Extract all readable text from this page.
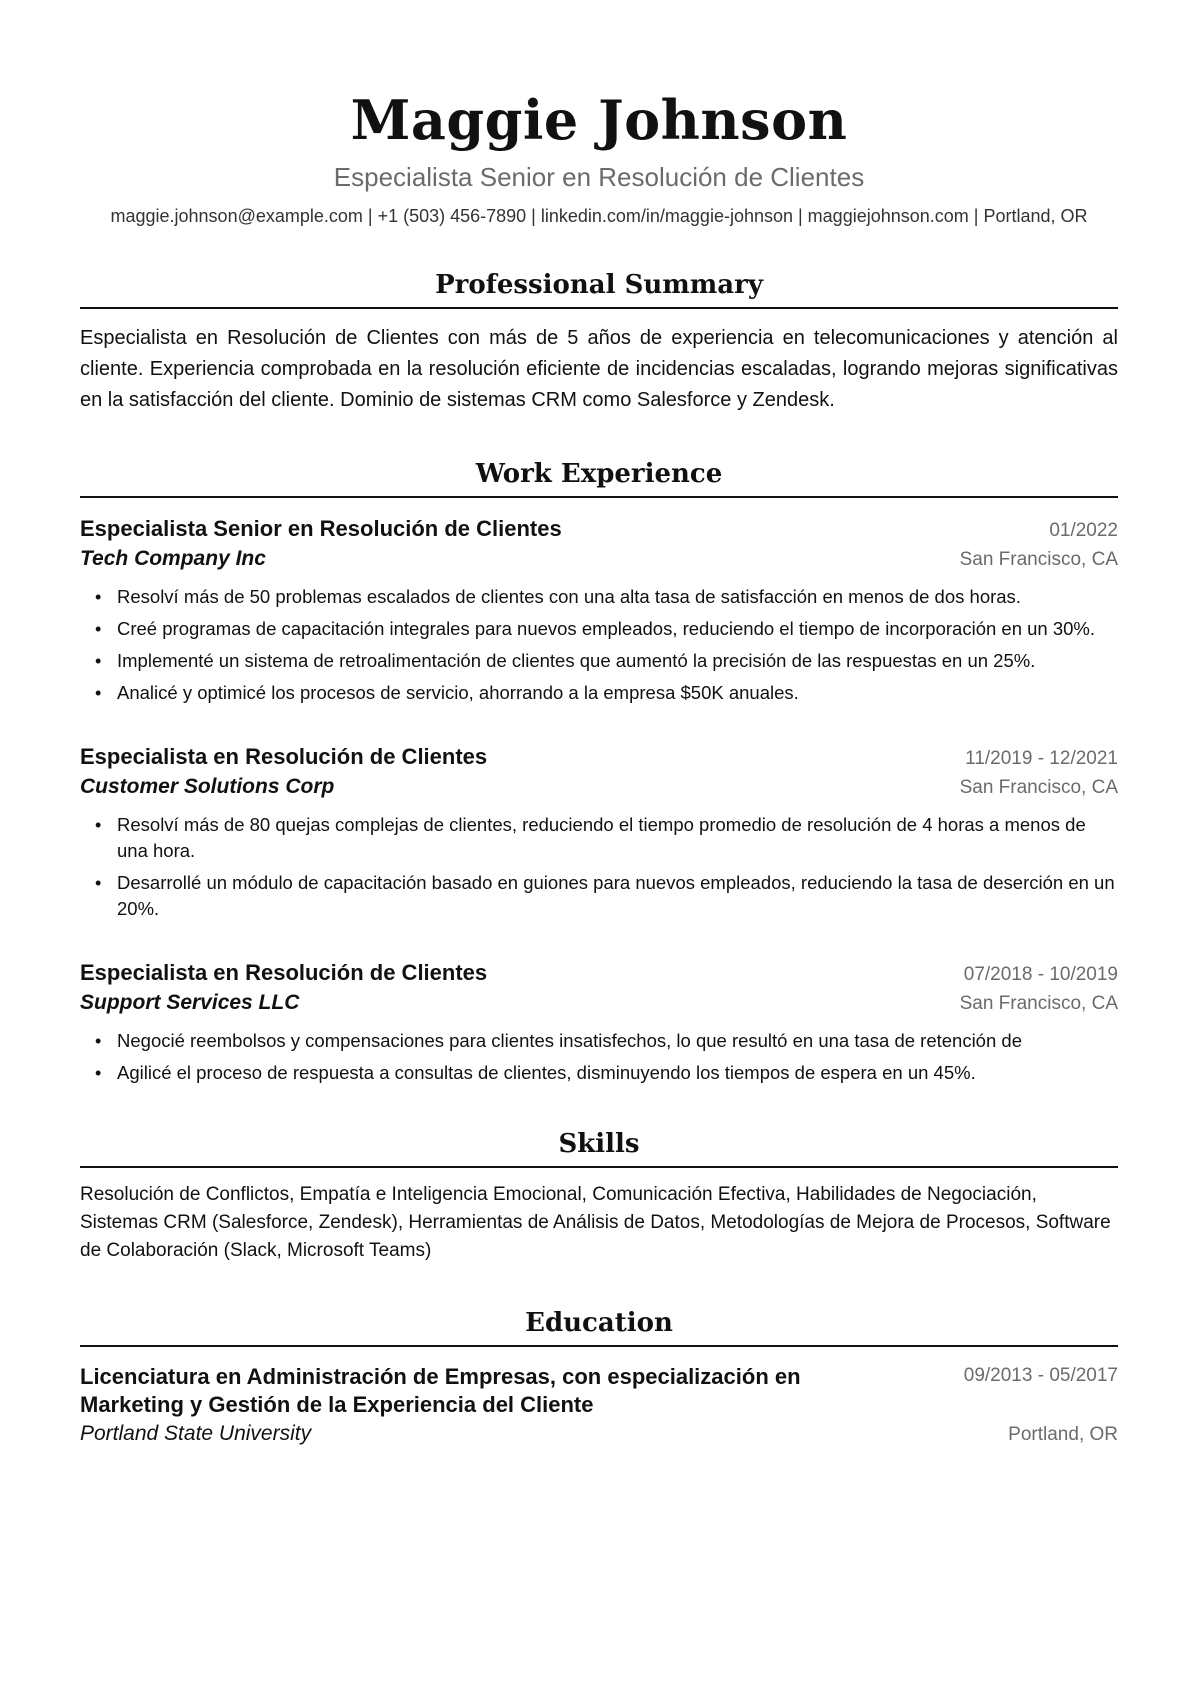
Maggie Johnson
Especialista Senior en Resolución de Clientes
maggie.johnson@example.com | +1 (503) 456-7890 | linkedin.com/in/maggie-johnson | maggiejohnson.com | Portland, OR
Professional Summary
Especialista en Resolución de Clientes con más de 5 años de experiencia en telecomunicaciones y atención al cliente. Experiencia comprobada en la resolución eficiente de incidencias escaladas, logrando mejoras significativas en la satisfacción del cliente. Dominio de sistemas CRM como Salesforce y Zendesk.
Work Experience
Especialista Senior en Resolución de Clientes	01/2022
Tech Company Inc	San Francisco, CA
• Resolví más de 50 problemas escalados de clientes con una alta tasa de satisfacción en menos de dos horas.
• Creé programas de capacitación integrales para nuevos empleados, reduciendo el tiempo de incorporación en un 30%.
• Implementé un sistema de retroalimentación de clientes que aumentó la precisión de las respuestas en un 25%.
• Analicé y optimicé los procesos de servicio, ahorrando a la empresa $50K anuales.
Especialista en Resolución de Clientes	11/2019 - 12/2021
Customer Solutions Corp	San Francisco, CA
• Resolví más de 80 quejas complejas de clientes, reduciendo el tiempo promedio de resolución de 4 horas a menos de una hora.
• Desarrollé un módulo de capacitación basado en guiones para nuevos empleados, reduciendo la tasa de deserción en un 20%.
Especialista en Resolución de Clientes	07/2018 - 10/2019
Support Services LLC	San Francisco, CA
• Negocié reembolsos y compensaciones para clientes insatisfechos, lo que resultó en una tasa de retención de
• Agilicé el proceso de respuesta a consultas de clientes, disminuyendo los tiempos de espera en un 45%.
Skills
Resolución de Conflictos, Empatía e Inteligencia Emocional, Comunicación Efectiva, Habilidades de Negociación, Sistemas CRM (Salesforce, Zendesk), Herramientas de Análisis de Datos, Metodologías de Mejora de Procesos, Software de Colaboración (Slack, Microsoft Teams)
Education
Licenciatura en Administración de Empresas, con especialización en Marketing y Gestión de la Experiencia del Cliente
09/2013 - 05/2017
Portland State University	Portland, OR
